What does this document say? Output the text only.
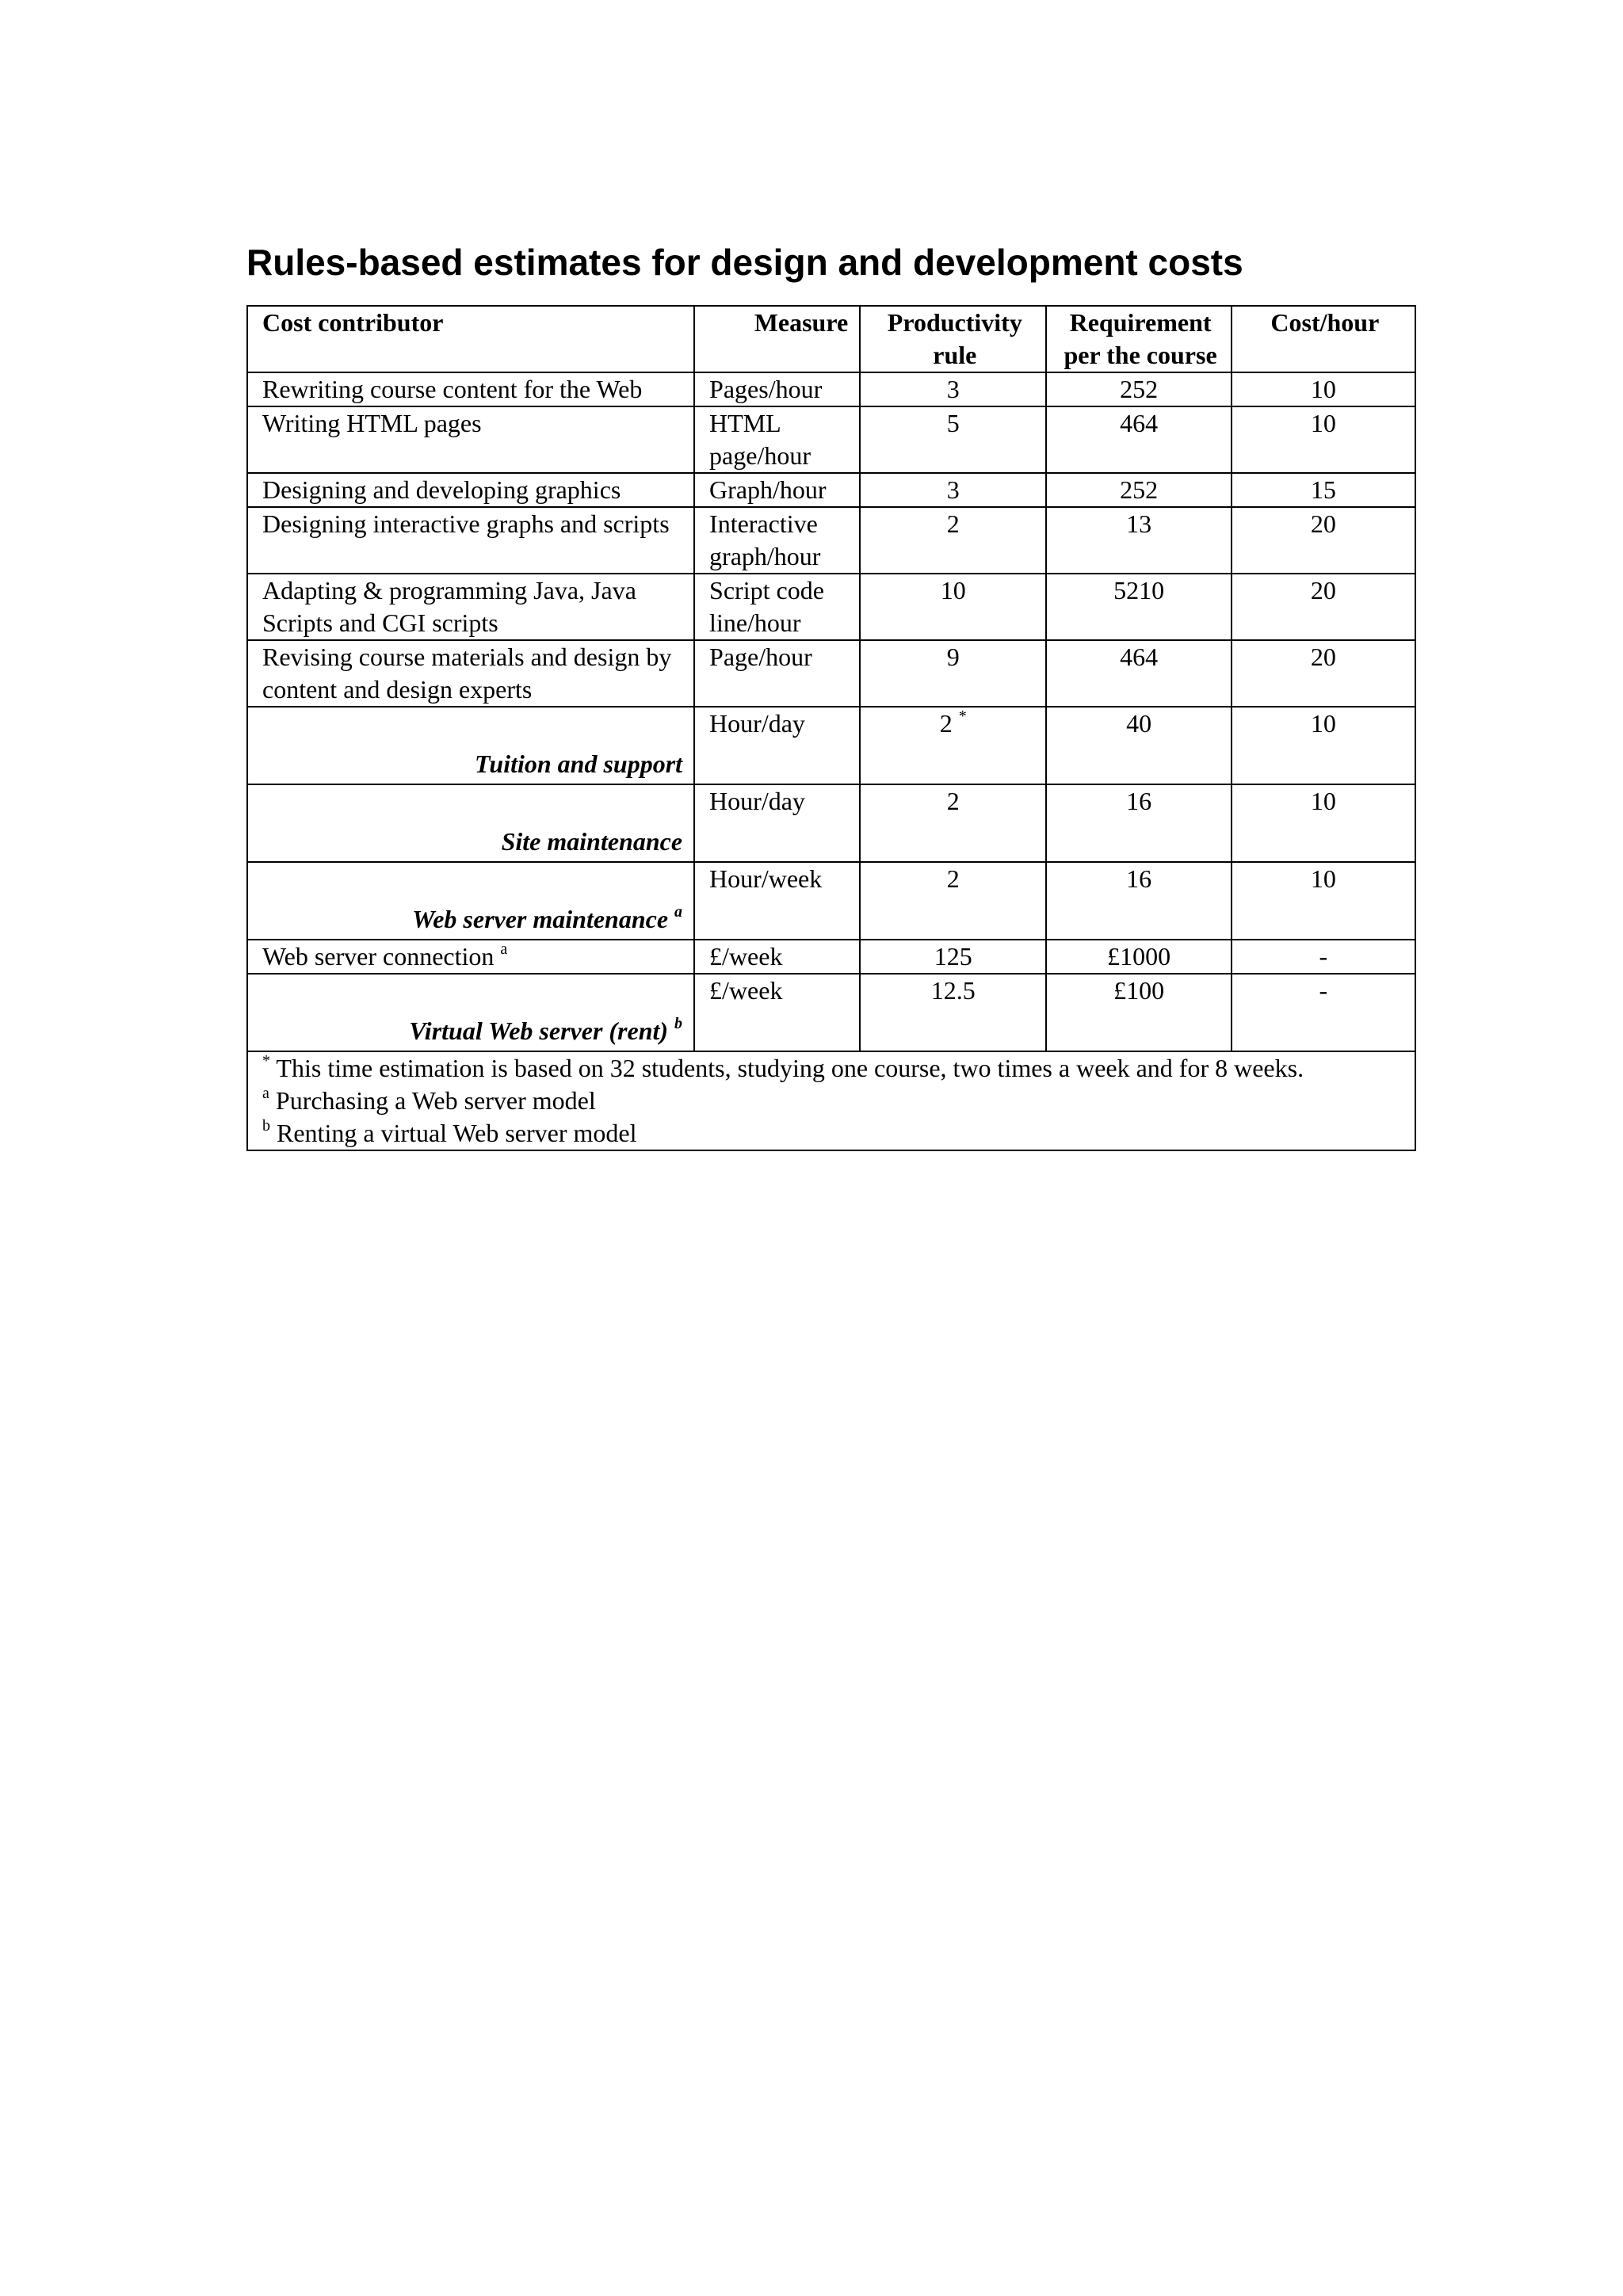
Rules-based estimates for design and development costs
Cost contributor	Measure	Productivity rule	Requirement per the course	Cost/hour
Rewriting course content for the Web	Pages/hour	3	252	10
Writing HTML pages	HTML page/hour	5	464	10
Designing and developing graphics	Graph/hour	3	252	15
Designing interactive graphs and scripts	Interactive graph/hour	2	13	20
Adapting & programming Java, Java Scripts and CGI scripts	Script code line/hour	10	5210	20
Revising course materials and design by content and design experts	Page/hour	9	464	20
Tuition and support	Hour/day	2 *	40	10
Site maintenance	Hour/day	2	16	10
Web server maintenance $^a$	Hour/week	2	16	10
Web server connection $^a$	£/week	125	£1000	-
Virtual Web server (rent) $^b$	£/week	12.5	£100	-

* This time estimation is based on 32 students, studying one course, two times a week and for 8 weeks.
$^a$ Purchasing a Web server model
$^b$ Renting a virtual Web server model				
